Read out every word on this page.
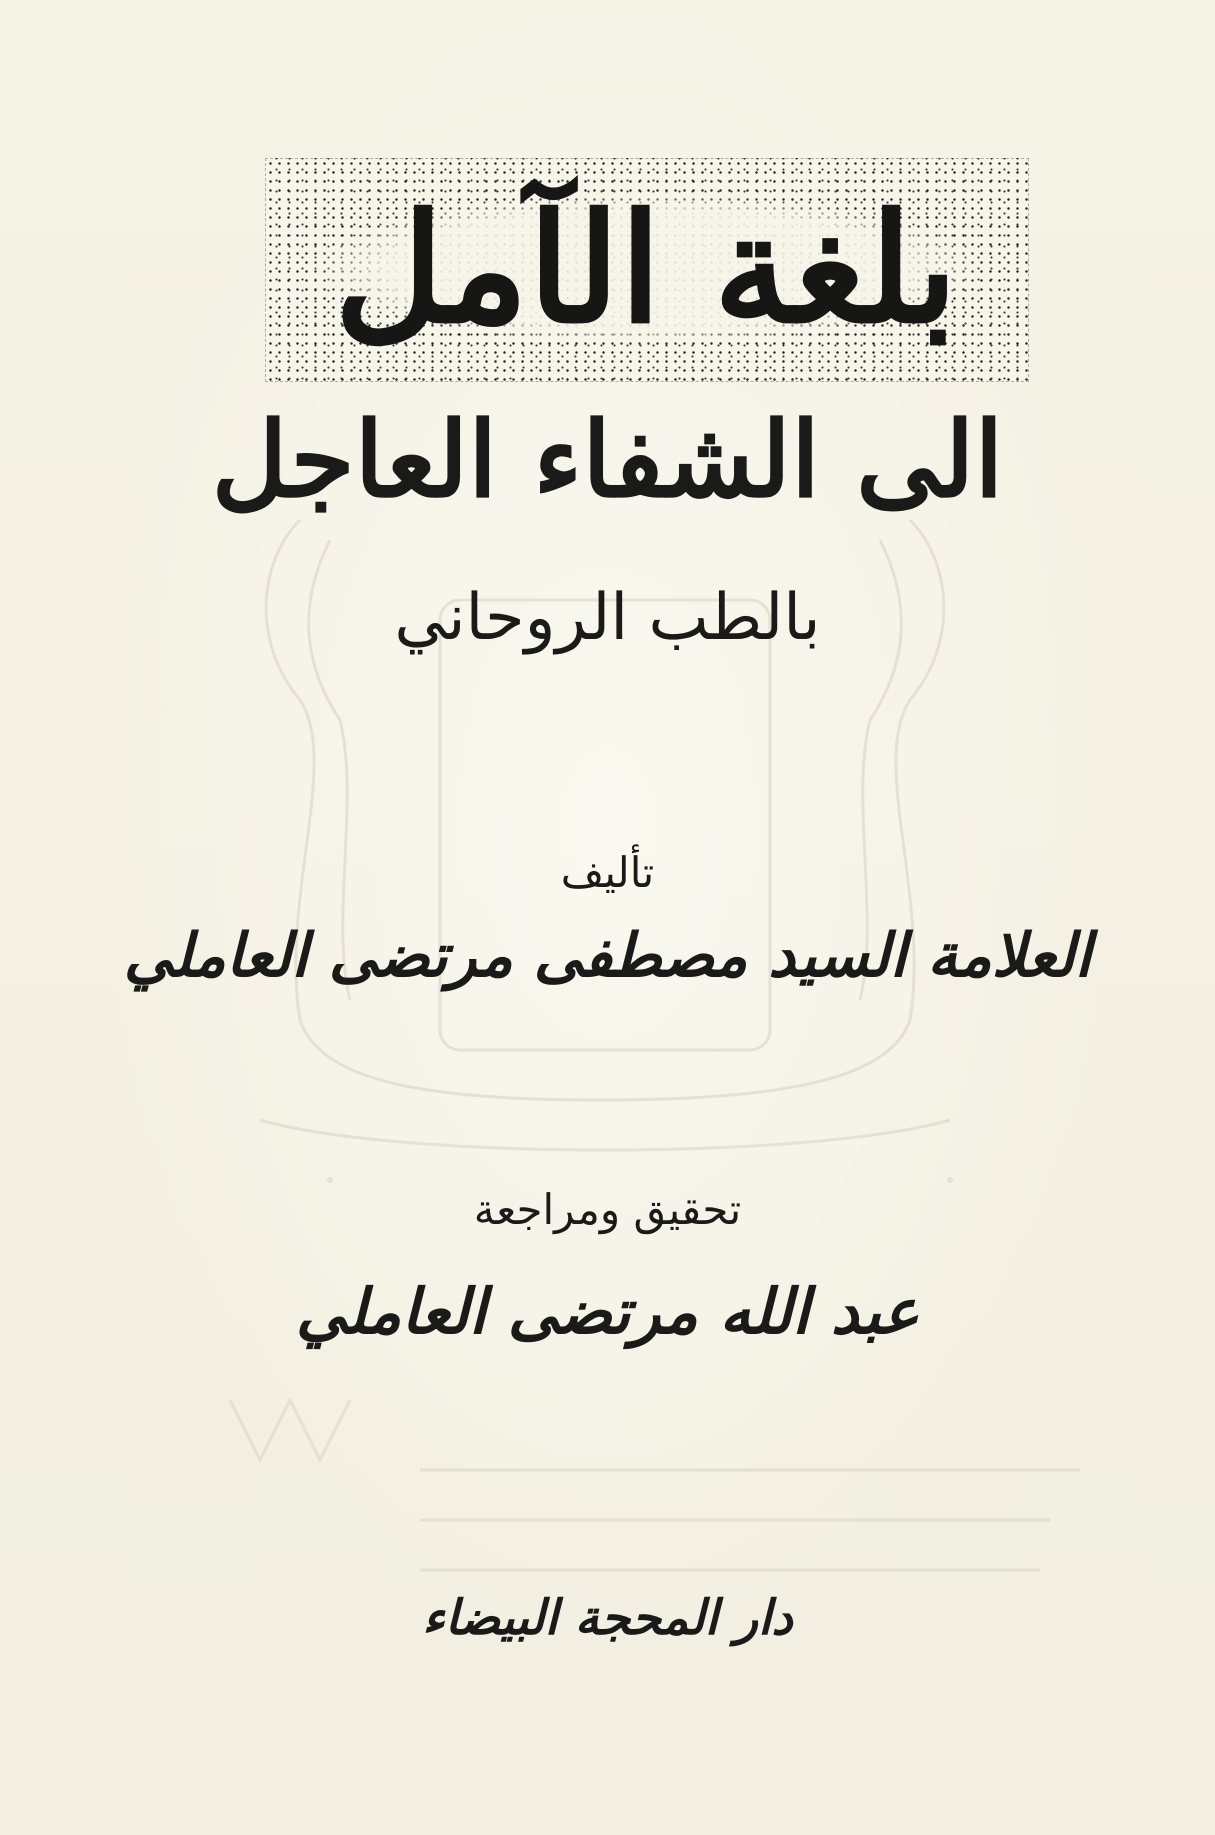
بلغة الآمل
الى الشفاء العاجل
بالطب الروحاني
تأليف
العلامة السيد مصطفى مرتضى العاملي
تحقيق ومراجعة
عبد الله مرتضى العاملي
دار المحجة البيضاء
